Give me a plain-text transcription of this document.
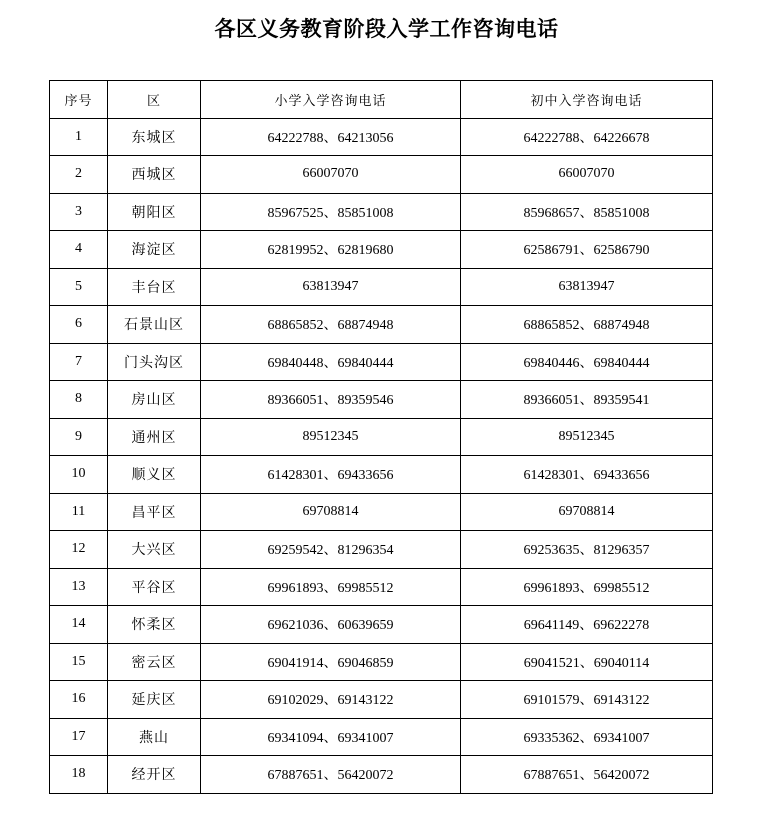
各区义务教育阶段入学工作咨询电话
序号	区	小学入学咨询电话	初中入学咨询电话
1	东城区	64222788、64213056	64222788、64226678
2	西城区	66007070	66007070
3	朝阳区	85967525、85851008	85968657、85851008
4	海淀区	62819952、62819680	62586791、62586790
5	丰台区	63813947	63813947
6	石景山区	68865852、68874948	68865852、68874948
7	门头沟区	69840448、69840444	69840446、69840444
8	房山区	89366051、89359546	89366051、89359541
9	通州区	89512345	89512345
10	顺义区	61428301、69433656	61428301、69433656
11	昌平区	69708814	69708814
12	大兴区	69259542、81296354	69253635、81296357
13	平谷区	69961893、69985512	69961893、69985512
14	怀柔区	69621036、60639659	69641149、69622278
15	密云区	69041914、69046859	69041521、69040114
16	延庆区	69102029、69143122	69101579、69143122
17	燕山	69341094、69341007	69335362、69341007
18	经开区	67887651、56420072	67887651、56420072
